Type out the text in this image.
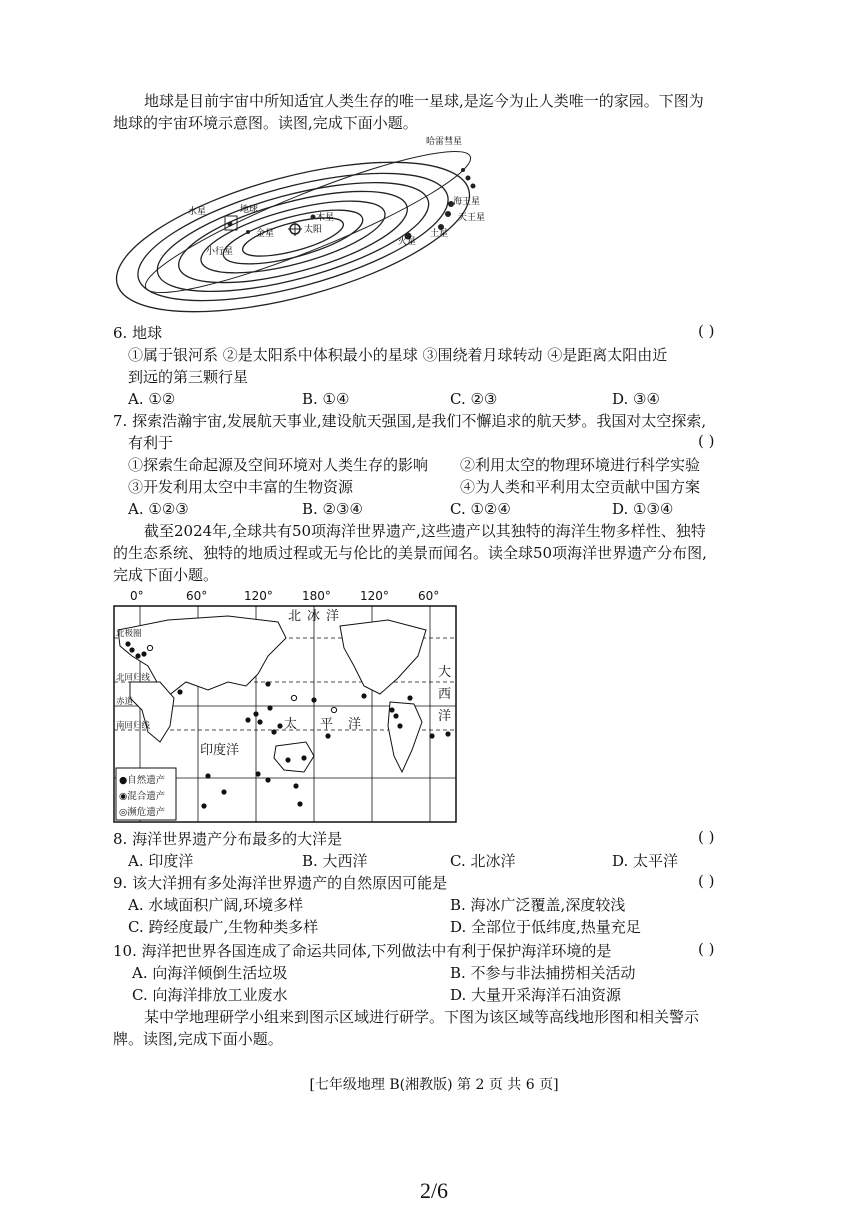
地球是目前宇宙中所知适宜人类生存的唯一星球,是迄今为止人类唯一的家园。下图为
地球的宇宙环境示意图。读图,完成下面小题。
哈雷彗星
水星	地球
金星
木星
太阳
海王星
天王星
土星
火星
小行星
6. 地球	( )
①属于银河系 ②是太阳系中体积最小的星球 ③围绕着月球转动 ④是距离太阳由近
到远的第三颗行星
A. ①②	B. ①④	C. ②③	D. ③④
7. 探索浩瀚宇宙,发展航天事业,建设航天强国,是我们不懈追求的航天梦。我国对太空探索,
有利于	( )
①探索生命起源及空间环境对人类生存的影响 ②利用太空的物理环境进行科学实验
③开发利用太空中丰富的生物资源	④为人类和平利用太空贡献中国方案
A. ①②③	B. ②③④	C. ①②④	D. ①③④
截至2024年,全球共有50项海洋世界遗产,这些遗产以其独特的海洋生物多样性、独特
的生态系统、独特的地质过程或无与伦比的美景而闻名。读全球50项海洋世界遗产分布图,
完成下面小题。
0°	60°	120° 180° 120° 60°
北极圈
北回归线
赤道
南回归线
北冰洋
太 平 洋
印度洋
大
西
洋
●自然遗产
◉混合遗产
◎濒危遗产
8. 海洋世界遗产分布最多的大洋是	( )
A. 印度洋	B. 大西洋	C. 北冰洋	D. 太平洋
9. 该大洋拥有多处海洋世界遗产的自然原因可能是	( )
A. 水域面积广阔,环境多样	B. 海冰广泛覆盖,深度较浅
C. 跨经度最广,生物种类多样	D. 全部位于低纬度,热量充足
10. 海洋把世界各国连成了命运共同体,下列做法中有利于保护海洋环境的是	( )
A. 向海洋倾倒生活垃圾	B. 不参与非法捕捞相关活动
C. 向海洋排放工业废水	D. 大量开采海洋石油资源
某中学地理研学小组来到图示区域进行研学。下图为该区域等高线地形图和相关警示
牌。读图,完成下面小题。
[七年级地理 B(湘教版) 第 2 页 共 6 页]
2/6
